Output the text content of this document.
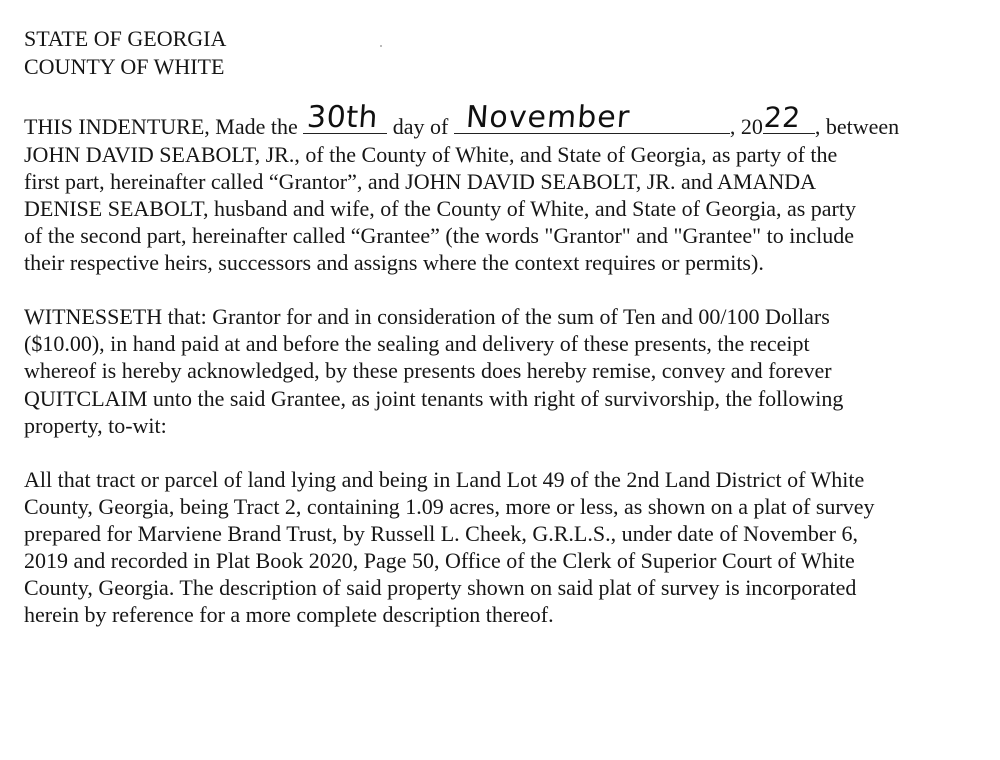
STATE OF GEORGIA
COUNTY OF WHITE
THIS INDENTURE, Made the 30th day of November	, 20 22 , between
JOHN DAVID SEABOLT, JR., of the County of White, and State of Georgia, as party of the
first part, hereinafter called “Grantor”, and JOHN DAVID SEABOLT, JR. and AMANDA
DENISE SEABOLT, husband and wife, of the County of White, and State of Georgia, as party
of the second part, hereinafter called “Grantee” (the words "Grantor" and "Grantee" to include
their respective heirs, successors and assigns where the context requires or permits).
WITNESSETH that: Grantor for and in consideration of the sum of Ten and 00/100 Dollars
($10.00), in hand paid at and before the sealing and delivery of these presents, the receipt
whereof is hereby acknowledged, by these presents does hereby remise, convey and forever
QUITCLAIM unto the said Grantee, as joint tenants with right of survivorship, the following
property, to-wit:
All that tract or parcel of land lying and being in Land Lot 49 of the 2nd Land District of White
County, Georgia, being Tract 2, containing 1.09 acres, more or less, as shown on a plat of survey
prepared for Marviene Brand Trust, by Russell L. Cheek, G.R.L.S., under date of November 6,
2019 and recorded in Plat Book 2020, Page 50, Office of the Clerk of Superior Court of White
County, Georgia. The description of said property shown on said plat of survey is incorporated
herein by reference for a more complete description thereof.
